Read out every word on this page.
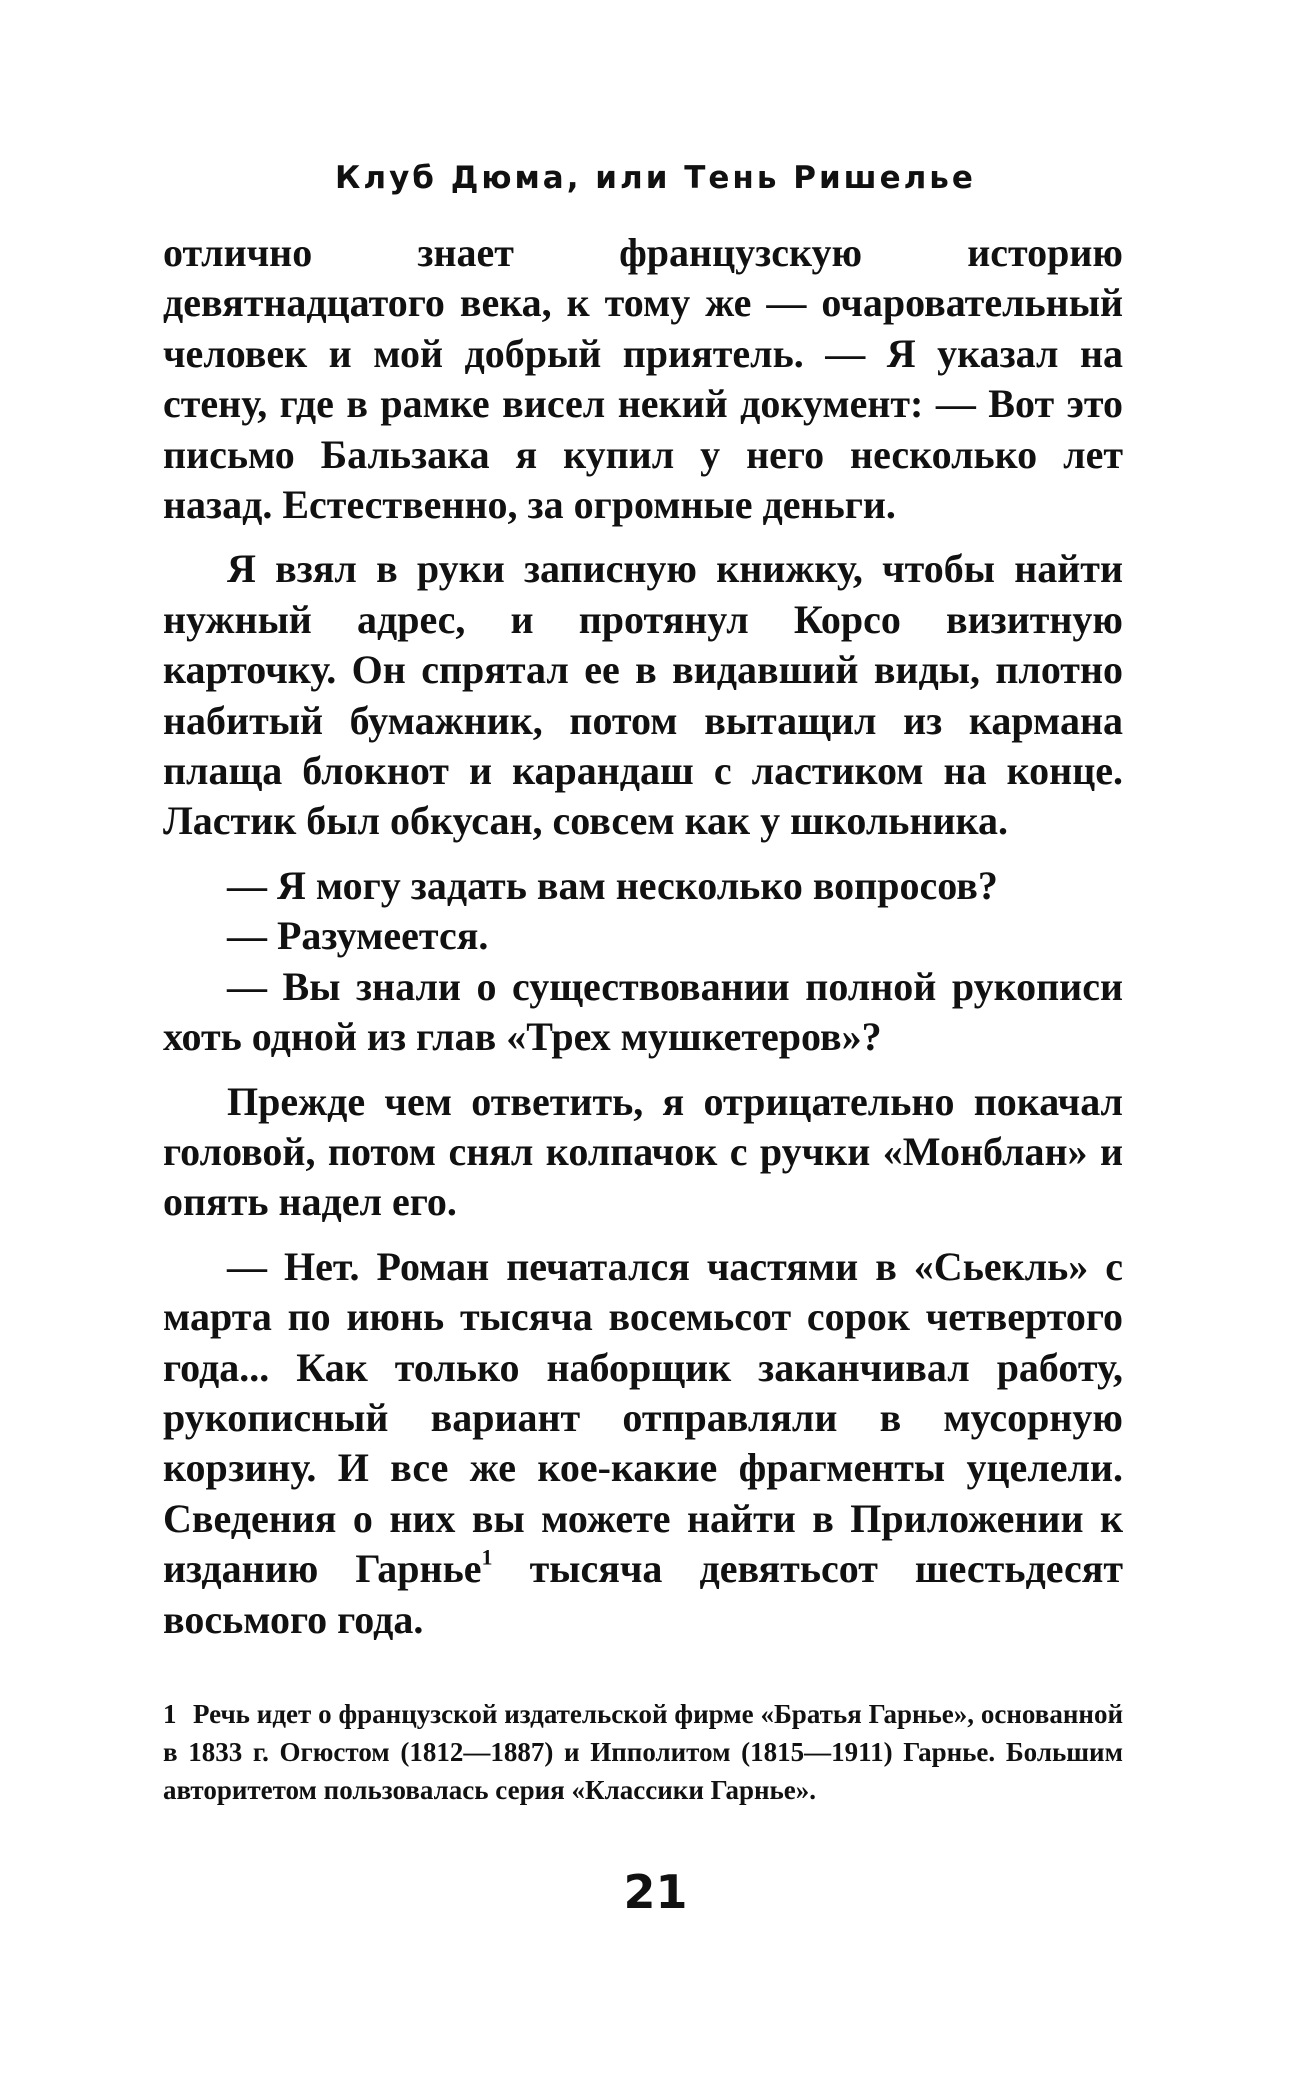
Клуб Дюма, или Тень Ришелье

отлично знает французскую историю девятнадцатого века, к тому же — очаровательный человек и мой добрый приятель. — Я указал на стену, где в рамке висел некий документ: — Вот это письмо Бальзака я купил у него несколько лет назад. Естественно, за огромные деньги.

Я взял в руки записную книжку, чтобы найти нужный адрес, и протянул Корсо визитную карточку. Он спрятал ее в видавший виды, плотно набитый бумажник, потом вытащил из кармана плаща блокнот и карандаш с ластиком на конце. Ластик был обкусан, совсем как у школьника.

— Я могу задать вам несколько вопросов?

— Разумеется.

— Вы знали о существовании полной рукописи хоть одной из глав «Трех мушкетеров»?

Прежде чем ответить, я отрицательно покачал головой, потом снял колпачок с ручки «Монблан» и опять надел его.

— Нет. Роман печатался частями в «Сьекль» с марта по июнь тысяча восемьсот сорок четвертого года... Как только наборщик заканчивал работу, рукописный вариант отправляли в мусорную корзину. И все же кое-какие фрагменты уцелели. Сведения о них вы можете найти в Приложении к изданию Гарнье$^1$ тысяча девятьсот шестьдесят восьмого года.

1 Речь идет о французской издательской фирме «Братья Гарнье», основанной в 1833 г. Огюстом (1812—1887) и Ипполитом (1815—1911) Гарнье. Большим авторитетом пользовалась серия «Классики Гарнье».
21
